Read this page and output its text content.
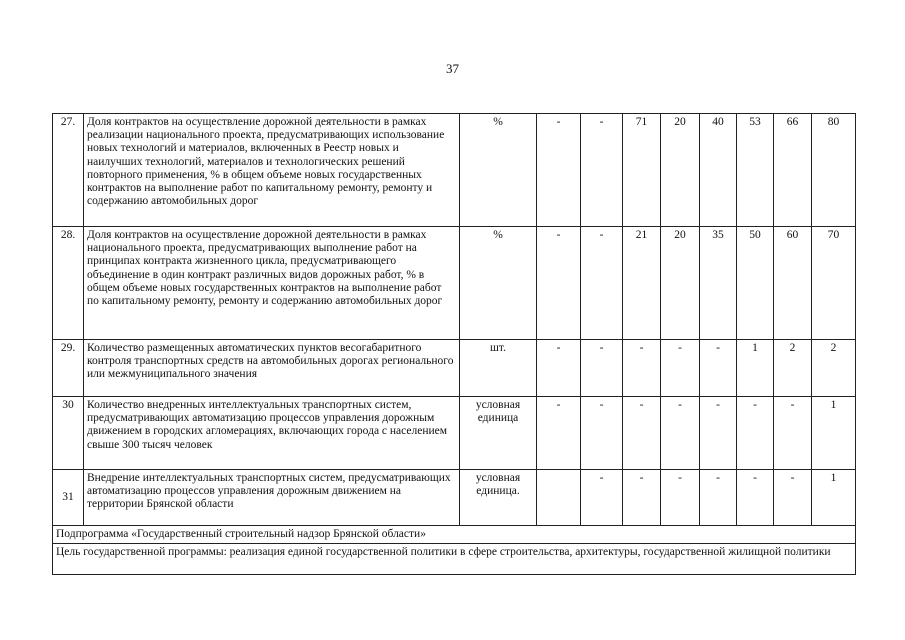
37
27.	Доля контрактов на осуществление дорожной деятельности в рамках реализации национального проекта, предусматривающих использование новых технологий и материалов, включенных в Реестр новых и наилучших технологий, материалов и технологических решений повторного применения, % в общем объеме новых государственных контрактов на выполнение работ по капитальному ремонту, ремонту и содержанию автомобильных дорог	%	-	-	71	20	40	53	66	80
28.	Доля контрактов на осуществление дорожной деятельности в рамках национального проекта, предусматривающих выполнение работ на принципах контракта жизненного цикла, предусматривающего объединение в один контракт различных видов дорожных работ, % в общем объеме новых государственных контрактов на выполнение работ по капитальному ремонту, ремонту и содержанию автомобильных дорог	%	-	-	21	20	35	50	60	70
29.	Количество размещенных автоматических пунктов весогабаритного контроля транспортных средств на автомобильных дорогах регионального или межмуниципального значения	шт.	-	-	-	-	-	1	2	2
30	Количество внедренных интеллектуальных транспортных систем, предусматривающих автоматизацию процессов управления дорожным движением в городских агломерациях, включающих города с населением свыше 300 тысяч человек	условная единица	-	-	-	-	-	-	-	1
31	Внедрение интеллектуальных транспортных систем, предусматривающих автоматизацию процессов управления дорожным движением на территории Брянской области	условная единица.		-	-	-	-	-	-	1
Подпрограмма «Государственный строительный надзор Брянской области»										
Цель государственной программы: реализация единой государственной политики в сфере строительства, архитектуры, государственной жилищной политики										
